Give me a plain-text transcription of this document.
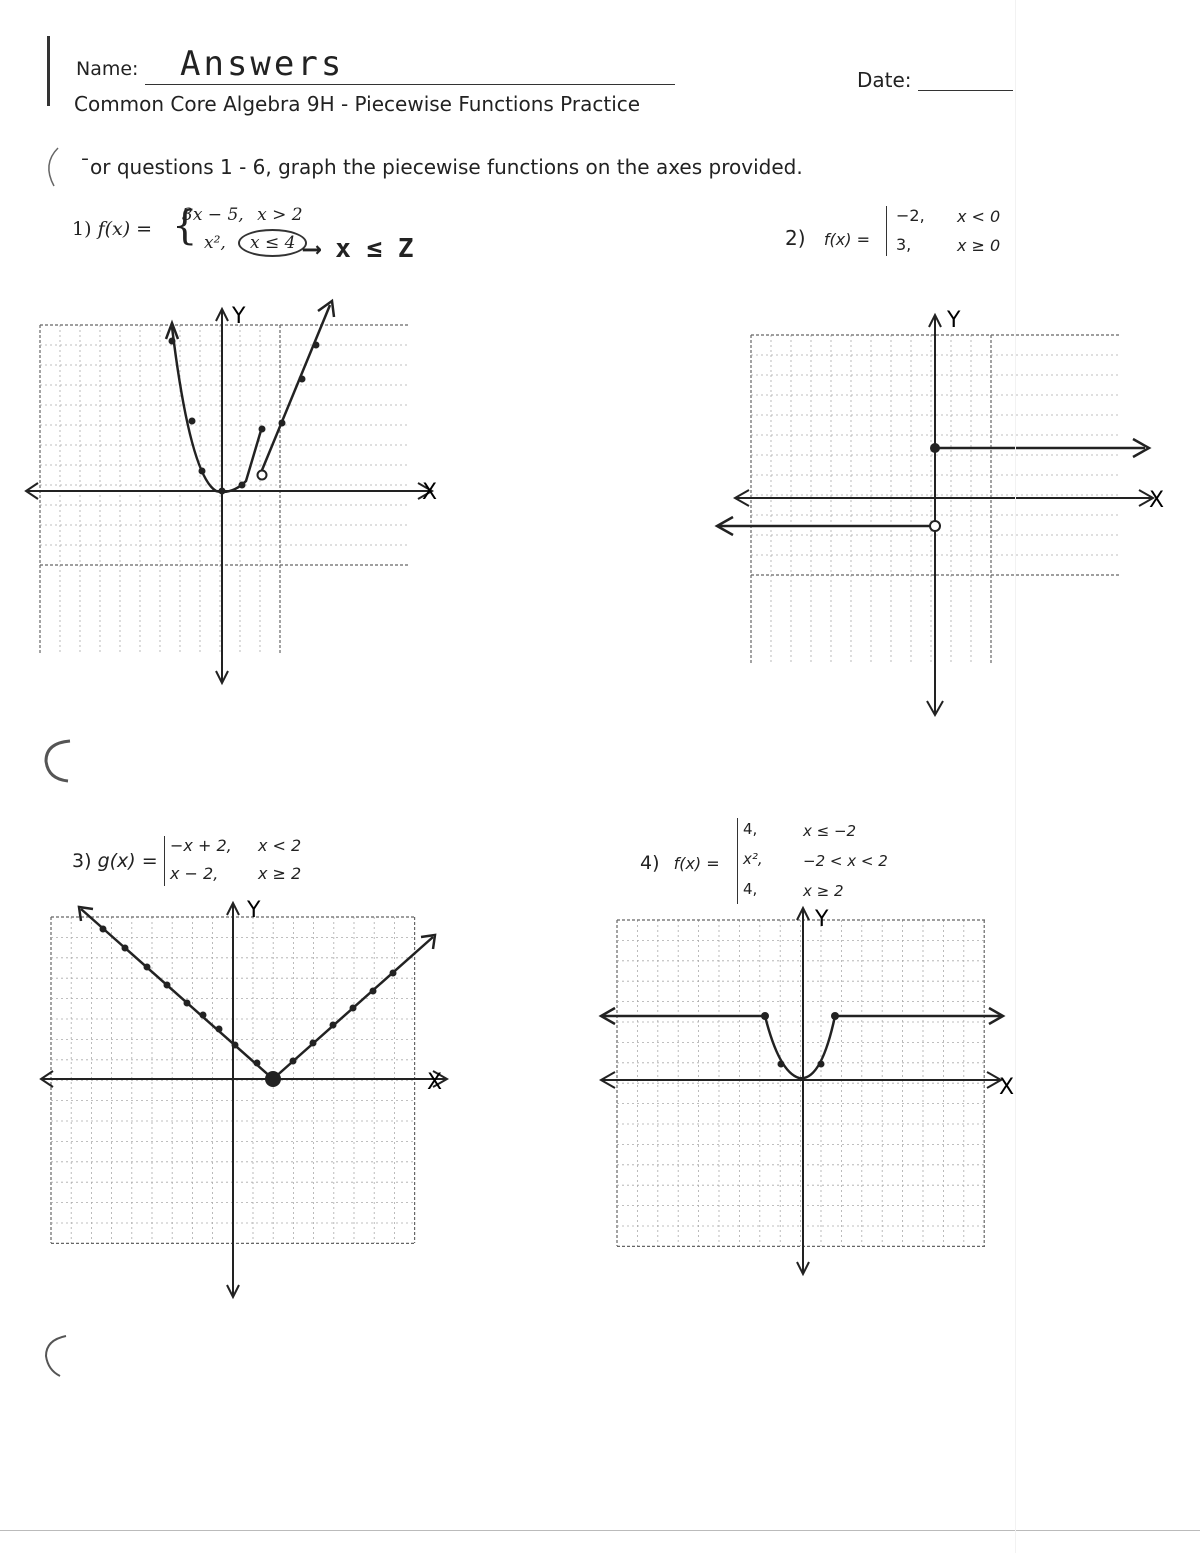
Name: Answers	Date:
Common Core Algebra 9H - Piecewise Functions Practice
ˉor questions 1 - 6, graph the piecewise functions on the axes provided.
1) f(x) = {
3x − 5, x > 2
x²,	x ≤ 4 ⟶ x ≤ Z	2) f(x) =
−2, x < 0
3,	x ≥ 0
3) g(x) =
−x + 2, x < 2
x − 2, x ≥ 2	4) f(x) =
4,	x ≤ −2
x²,	−2 < x < 2
4,	x ≥ 2
X
Y
X
Y
X
Y
X
Y
